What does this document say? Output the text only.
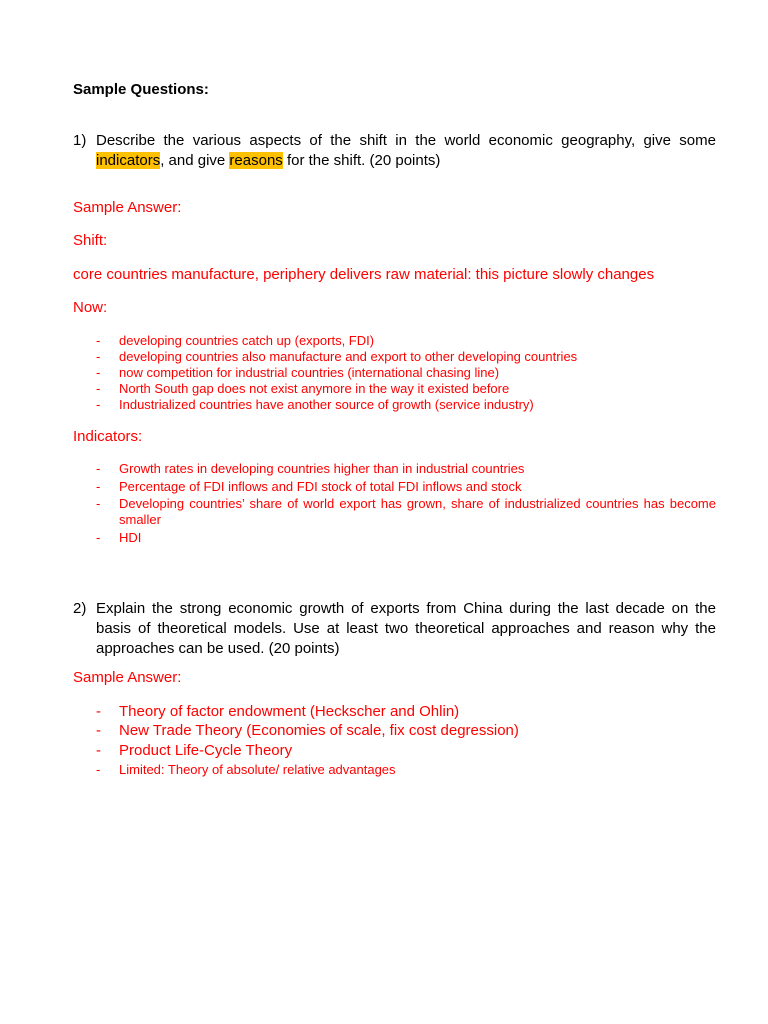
Sample Questions:

1) Describe the various aspects of the shift in the world economic geography, give some indicators, and give reasons for the shift. (20 points)

Sample Answer:

Shift:

core countries manufacture, periphery delivers raw material: this picture slowly changes

Now:

- developing countries catch up (exports, FDI)
- developing countries also manufacture and export to other developing countries
- now competition for industrial countries (international chasing line)
- North South gap does not exist anymore in the way it existed before
- Industrialized countries have another source of growth (service industry)

Indicators:

- Growth rates in developing countries higher than in industrial countries
- Percentage of FDI inflows and FDI stock of total FDI inflows and stock
- Developing countries’ share of world export has grown, share of industrialized countries has become smaller
- HDI
2) Explain the strong economic growth of exports from China during the last decade on the basis of theoretical models. Use at least two theoretical approaches and reason why the approaches can be used. (20 points)

Sample Answer:

- Theory of factor endowment (Heckscher and Ohlin)
- New Trade Theory (Economies of scale, fix cost degression)
- Product Life-Cycle Theory
- Limited: Theory of absolute/ relative advantages
